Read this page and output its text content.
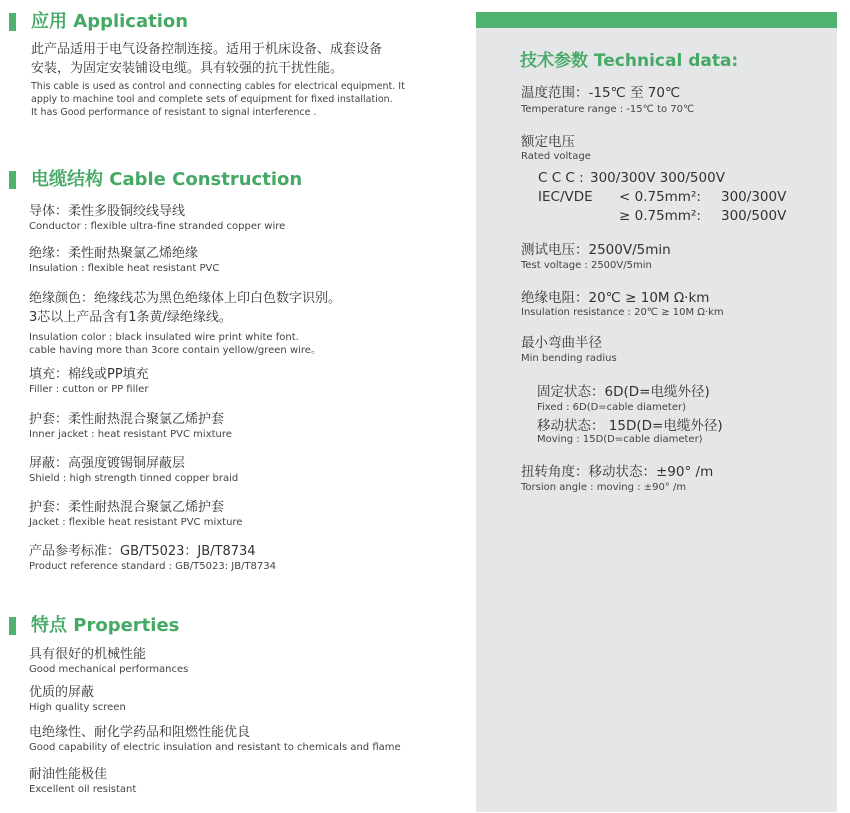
应用 Application
此产品适用于电气设备控制连接。适用于机床设备、成套设备
安装，为固定安装铺设电缆。具有较强的抗干扰性能。
This cable is used as control and connecting cables for electrical equipment. It
apply to machine tool and complete sets of equipment for fixed installation.
It has Good performance of resistant to signal interference .
电缆结构 Cable Construction
导体：柔性多股铜绞线导线
Conductor : flexible ultra-fine stranded copper wire
绝缘：柔性耐热聚氯乙烯绝缘
Insulation : flexible heat resistant PVC
绝缘颜色：绝缘线芯为黑色绝缘体上印白色数字识别。
3芯以上产品含有1条黄/绿绝缘线。
Insulation color : black insulated wire print white font.
cable having more than 3core contain yellow/green wire。
填充：棉线或PP填充
Filler : cutton or PP filler
护套：柔性耐热混合聚氯乙烯护套
Inner jacket : heat resistant PVC mixture
屏蔽：高强度镀锡铜屏蔽层
Shield : high strength tinned copper braid
护套：柔性耐热混合聚氯乙烯护套
Jacket : flexible heat resistant PVC mixture
产品参考标准：GB/T5023：JB/T8734
Product reference standard : GB/T5023: JB/T8734
特点 Properties
具有很好的机械性能
Good mechanical performances
优质的屏蔽
High quality screen
电绝缘性、耐化学药品和阻燃性能优良
Good capability of electric insulation and resistant to chemicals and flame
耐油性能极佳
Excellent oil resistant
技术参数 Technical data:
温度范围：-15℃ 至 70℃
Temperature range : -15℃ to 70℃
额定电压
Rated voltage
C C C : 300/300V 300/500V
IEC/VDE < 0.75mm²: 300/300V
≥ 0.75mm²: 300/500V
测试电压：2500V/5min
Test voltage : 2500V/5min
绝缘电阻：20℃ ≥ 10M Ω·km
Insulation resistance : 20℃ ≥ 10M Ω·km
最小弯曲半径
Min bending radius
固定状态：6D(D=电缆外径)
Fixed : 6D(D=cable diameter)
移动状态： 15D(D=电缆外径)
Moving : 15D(D=cable diameter)
扭转角度：移动状态：±90° /m
Torsion angle : moving : ±90° /m
